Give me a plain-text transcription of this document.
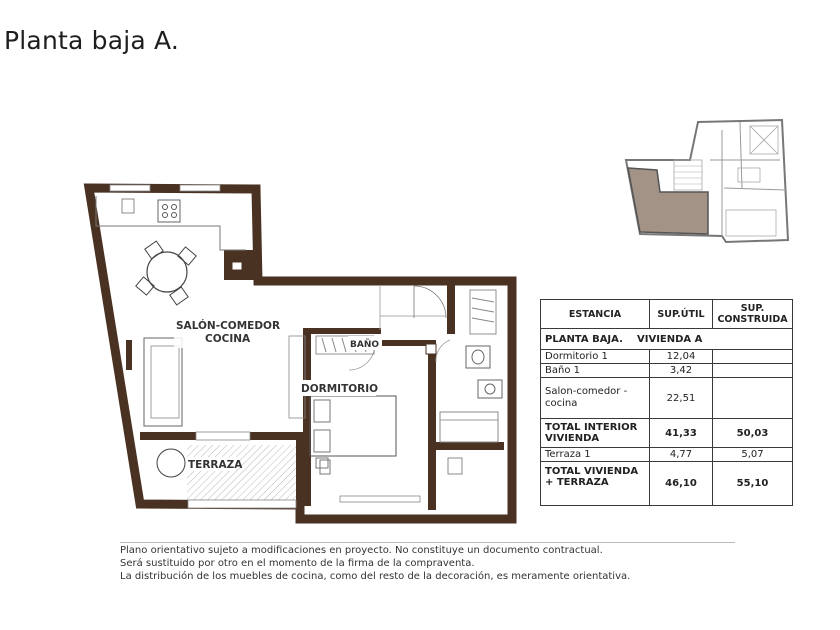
Planta baja A.
SALÓN-COMEDOR
COCINA	BAÑO
DORMITORIO
TERRAZA
ESTANCIA	SUP.ÚTIL	SUP. CONSTRUIDA
PLANTA BAJA. VIVIENDA A		
Dormitorio 1	12,04	
Baño 1	3,42	
Salon-comedor - cocina	22,51	
TOTAL INTERIOR VIVIENDA	41,33	50,03
Terraza 1	4,77	5,07
TOTAL VIVIENDA + TERRAZA	46,10	55,10
Plano orientativo sujeto a modificaciones en proyecto. No constituye un documento contractual.
Será sustituido por otro en el momento de la firma de la compraventa.
La distribución de los muebles de cocina, como del resto de la decoración, es meramente orientativa.
